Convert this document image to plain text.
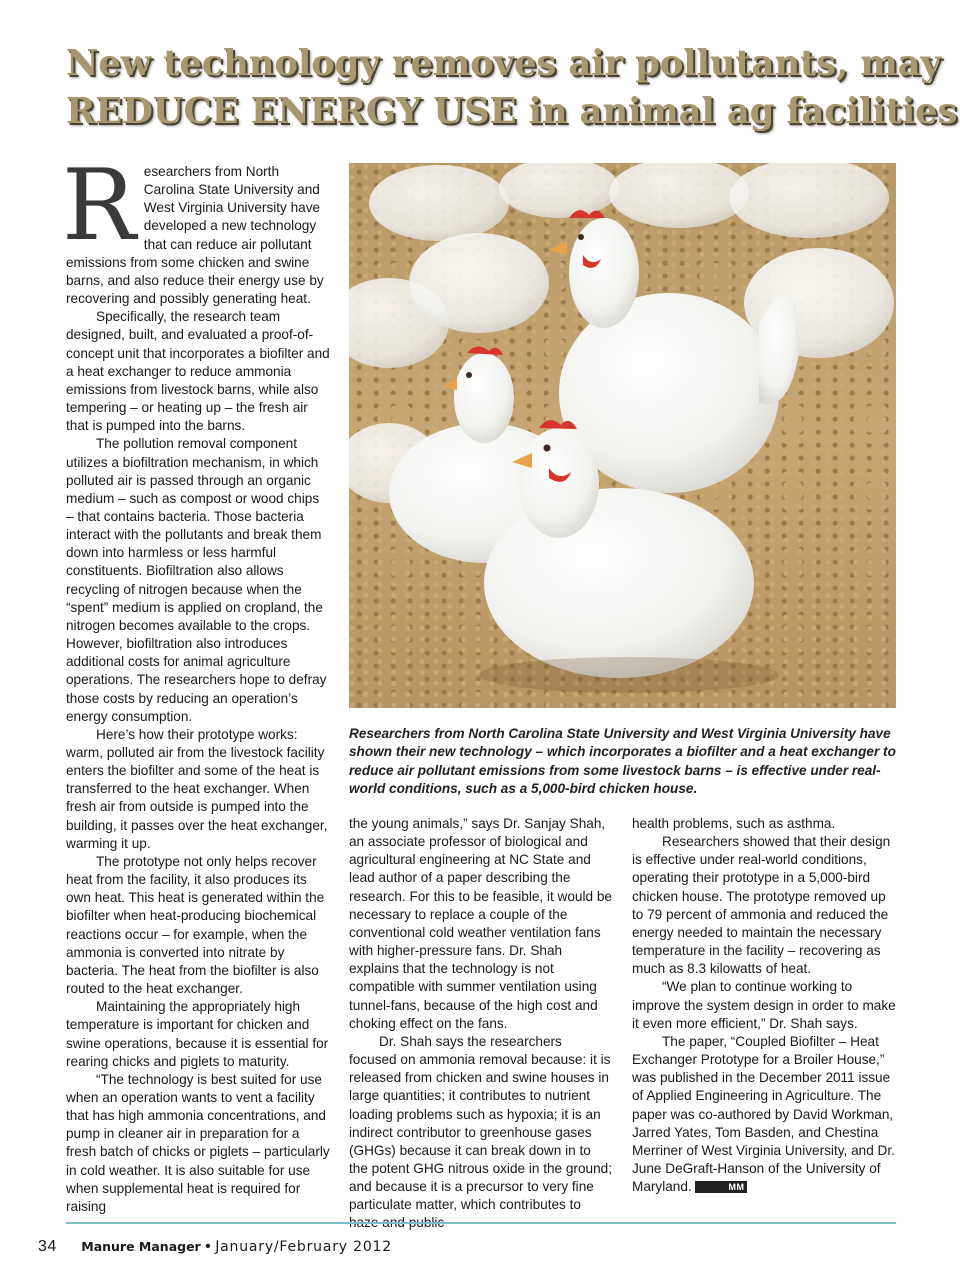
New technology removes air pollutants, may
REDUCE ENERGY USE in animal ag facilities

Researchers from North Carolina State University and West Virginia University have developed a new technology that can reduce air pollutant emissions from some chicken and swine barns, and also reduce their energy use by recovering and possibly generating heat.

Specifically, the research team designed, built, and evaluated a proof-of-concept unit that incorporates a biofilter and a heat exchanger to reduce ammonia emissions from livestock barns, while also tempering – or heating up – the fresh air that is pumped into the barns.

The pollution removal component utilizes a biofiltration mechanism, in which polluted air is passed through an organic medium – such as compost or wood chips – that contains bacteria. Those bacteria interact with the pollutants and break them down into harmless or less harmful constituents. Biofiltration also allows recycling of nitrogen because when the “spent” medium is applied on cropland, the nitrogen becomes available to the crops. However, biofiltration also introduces additional costs for animal agriculture operations. The researchers hope to defray those costs by reducing an operation’s energy consumption.

Here’s how their prototype works: warm, polluted air from the livestock facility enters the biofilter and some of the heat is transferred to the heat exchanger. When fresh air from outside is pumped into the building, it passes over the heat exchanger, warming it up.

The prototype not only helps recover heat from the facility, it also produces its own heat. This heat is generated within the biofilter when heat-producing biochemical reactions occur – for example, when the ammonia is converted into nitrate by bacteria. The heat from the biofilter is also routed to the heat exchanger.

Maintaining the appropriately high temperature is important for chicken and swine operations, because it is essential for rearing chicks and piglets to maturity.

“The technology is best suited for use when an operation wants to vent a facility that has high ammonia concentrations, and pump in cleaner air in preparation for a fresh batch of chicks or piglets – particularly in cold weather. It is also suitable for use when supplemental heat is required for raising

Researchers from North Carolina State University and West Virginia University have shown their new technology – which incorporates a biofilter and a heat exchanger to reduce air pollutant emissions from some livestock barns – is effective under real-world conditions, such as a 5,000-bird chicken house.

the young animals,” says Dr. Sanjay Shah, an associate professor of biological and agricultural engineering at NC State and lead author of a paper describing the research. For this to be feasible, it would be necessary to replace a couple of the conventional cold weather ventilation fans with higher-pressure fans. Dr. Shah explains that the technology is not compatible with summer ventilation using tunnel-fans, because of the high cost and choking effect on the fans.

Dr. Shah says the researchers focused on ammonia removal because: it is released from chicken and swine houses in large quantities; it contributes to nutrient loading problems such as hypoxia; it is an indirect contributor to greenhouse gases (GHGs) because it can break down in to the potent GHG nitrous oxide in the ground; and because it is a precursor to very fine particulate matter, which contributes to

health problems, such as asthma.

Researchers showed that their design is effective under real-world conditions, operating their prototype in a 5,000-bird chicken house. The prototype removed up to 79 percent of ammonia and reduced the energy needed to maintain the necessary temperature in the facility – recovering as much as 8.3 kilowatts of heat.

“We plan to continue working to improve the system design in order to make it even more efficient,” Dr. Shah says.

The paper, “Coupled Biofilter – Heat Exchanger Prototype for a Broiler House,” was published in the December 2011 issue of Applied Engineering in Agriculture. The paper was co-authored by David Workman, Jarred Yates, Tom Basden, and Chestina Merriner of West Virginia University, and Dr. June DeGraft-Hanson of the University of Maryland.	MM

34 Manure Manager • January/February 2012
